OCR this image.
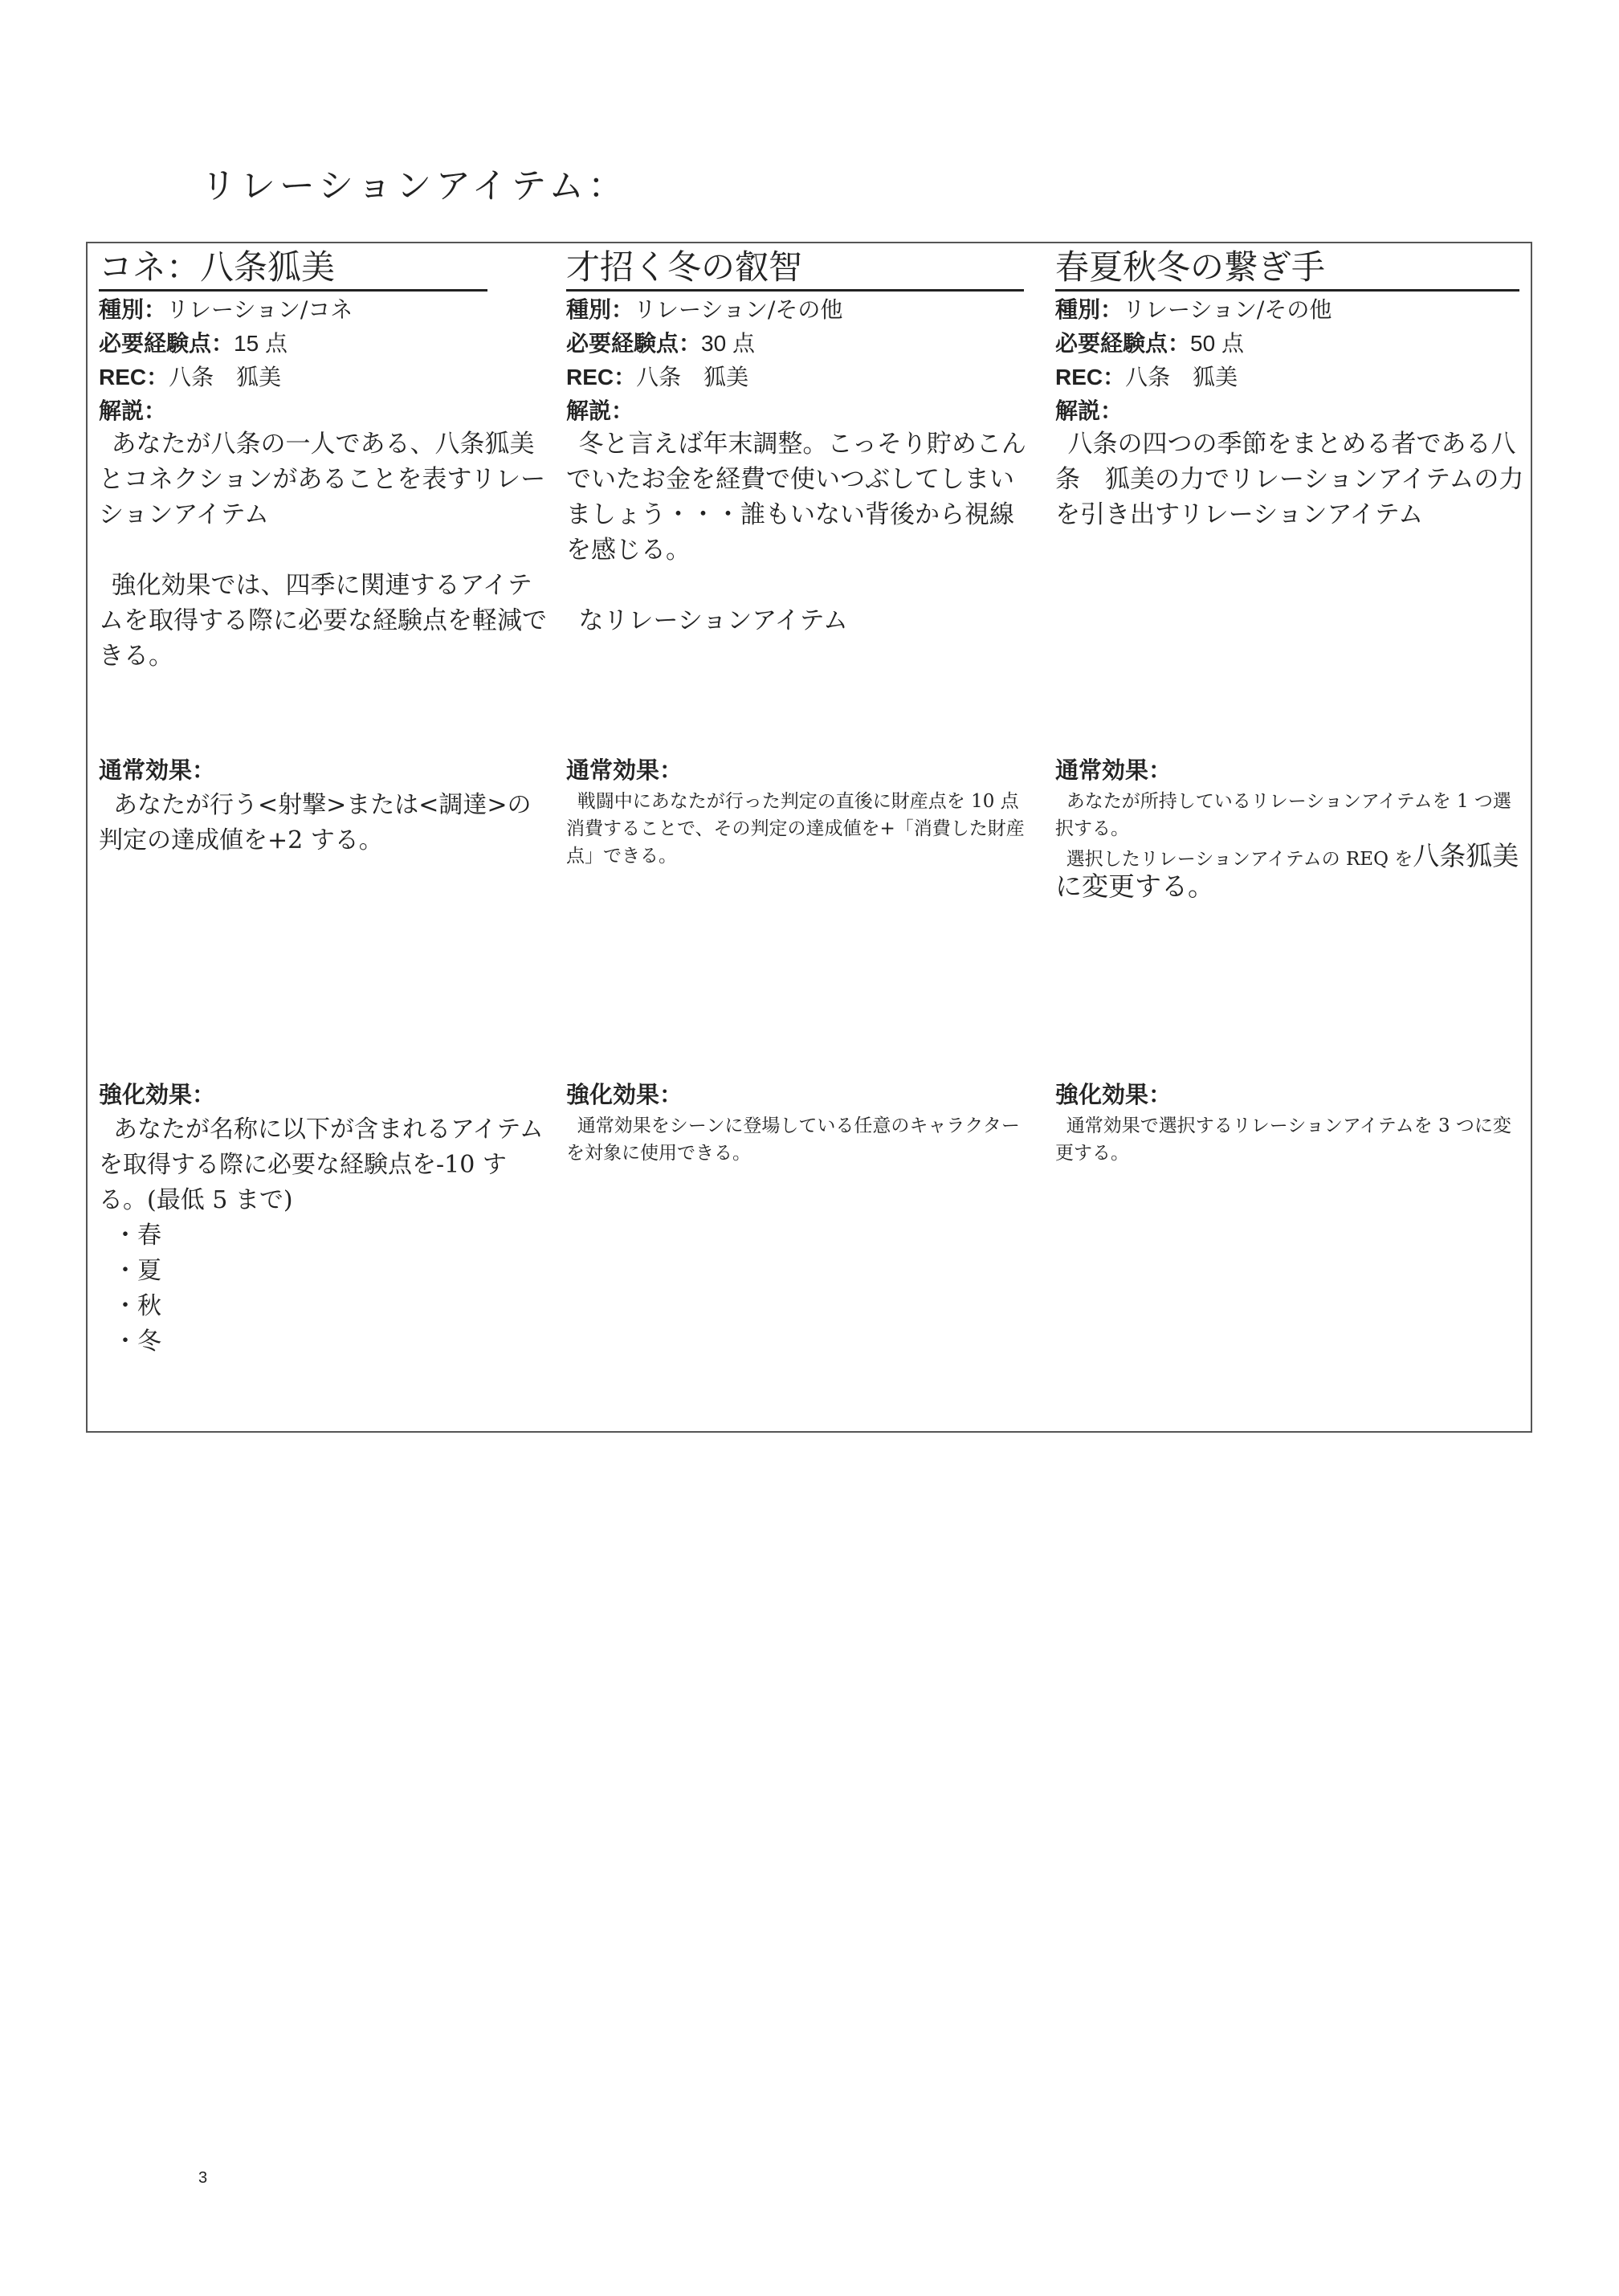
リレーションアイテム：
コネ：八条狐美
種別：リレーション/コネ
必要経験点：15 点
REC：八条　狐美
解説：

あなたが八条の一人である、八条狐美とコネクションがあることを表すリレーションアイテム

強化効果では、四季に関連するアイテムを取得する際に必要な経験点を軽減できる。

通常効果：

あなたが行う<射撃>または<調達>の判定の達成値を+2 する。

強化効果：

あなたが名称に以下が含まれるアイテムを取得する際に必要な経験点を-10 する。(最低 5 まで)

・春
・夏
・秋
・冬
才招く冬の叡智
種別：リレーション/その他
必要経験点：30 点
REC：八条　狐美
解説：

冬と言えば年末調整。こっそり貯めこんでいたお金を経費で使いつぶしてしまいましょう・・・誰もいない背後から視線を感じる。

なリレーションアイテム

通常効果：

戦闘中にあなたが行った判定の直後に財産点を 10 点消費することで、その判定の達成値を+「消費した財産点」できる。

強化効果：

通常効果をシーンに登場している任意のキャラクターを対象に使用できる。

春夏秋冬の繋ぎ手
種別：リレーション/その他
必要経験点：50 点
REC：八条　狐美
解説：

八条の四つの季節をまとめる者である八条　狐美の力でリレーションアイテムの力を引き出すリレーションアイテム

通常効果：

あなたが所持しているリレーションアイテムを 1 つ選択する。

選択したリレーションアイテムの REQ を八条狐美に変更する。

強化効果：

通常効果で選択するリレーションアイテムを 3 つに変更する。

3
